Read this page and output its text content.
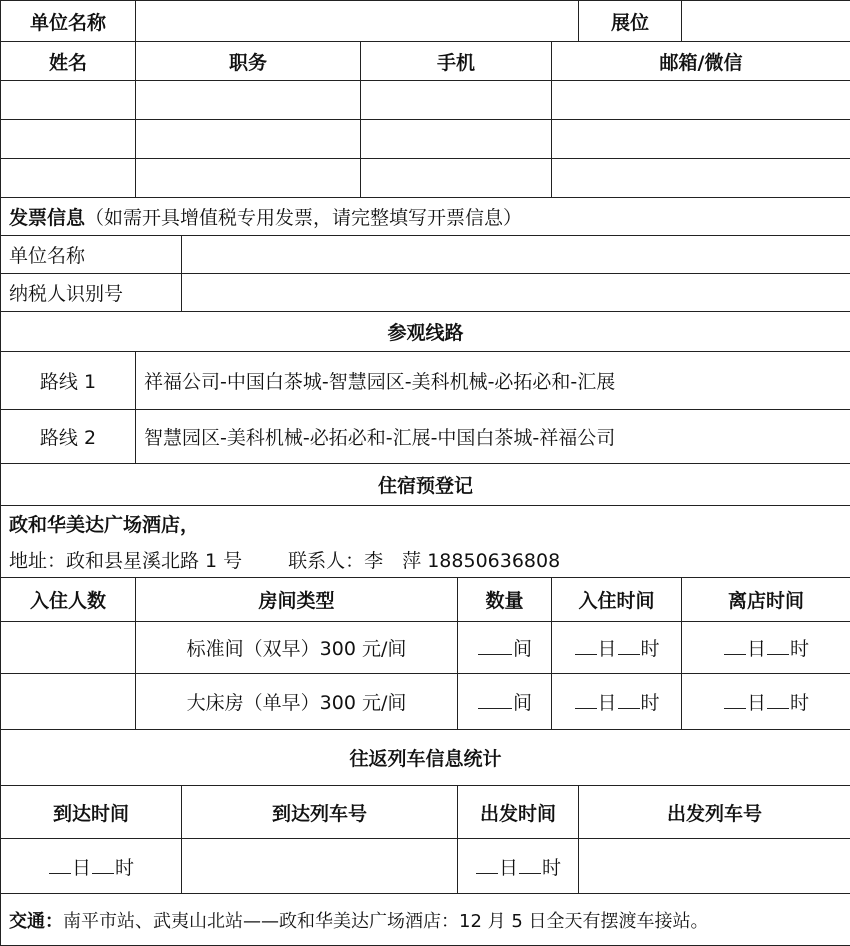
单位名称						展位	
姓名	职务		手机		邮箱/微信		

发票信息（如需开具增值税专用发票，请完整填写开票信息）							
单位名称							
纳税人识别号							
参观线路							
路线 1	祥福公司-中国白茶城-智慧园区-美科机械-必拓必和-汇展						
路线 2	智慧园区-美科机械-必拓必和-汇展-中国白茶城-祥福公司						
住宿预登记							
政和华美达广场酒店，							
地址：政和县星溪北路 1 号 联系人：李　萍 18850636808							
入住人数	房间类型			数量	入住时间		离店时间
	标准间（双早）300 元/间			间	日 时		日 时
	大床房（单早）300 元/间			间	日 时		日 时
往返列车信息统计							
到达时间		到达列车号		出发时间		出发列车号	
日 时				日 时			
交通：南平市站、武夷山北站——政和华美达广场酒店：12 月 5 日全天有摆渡车接站。							
